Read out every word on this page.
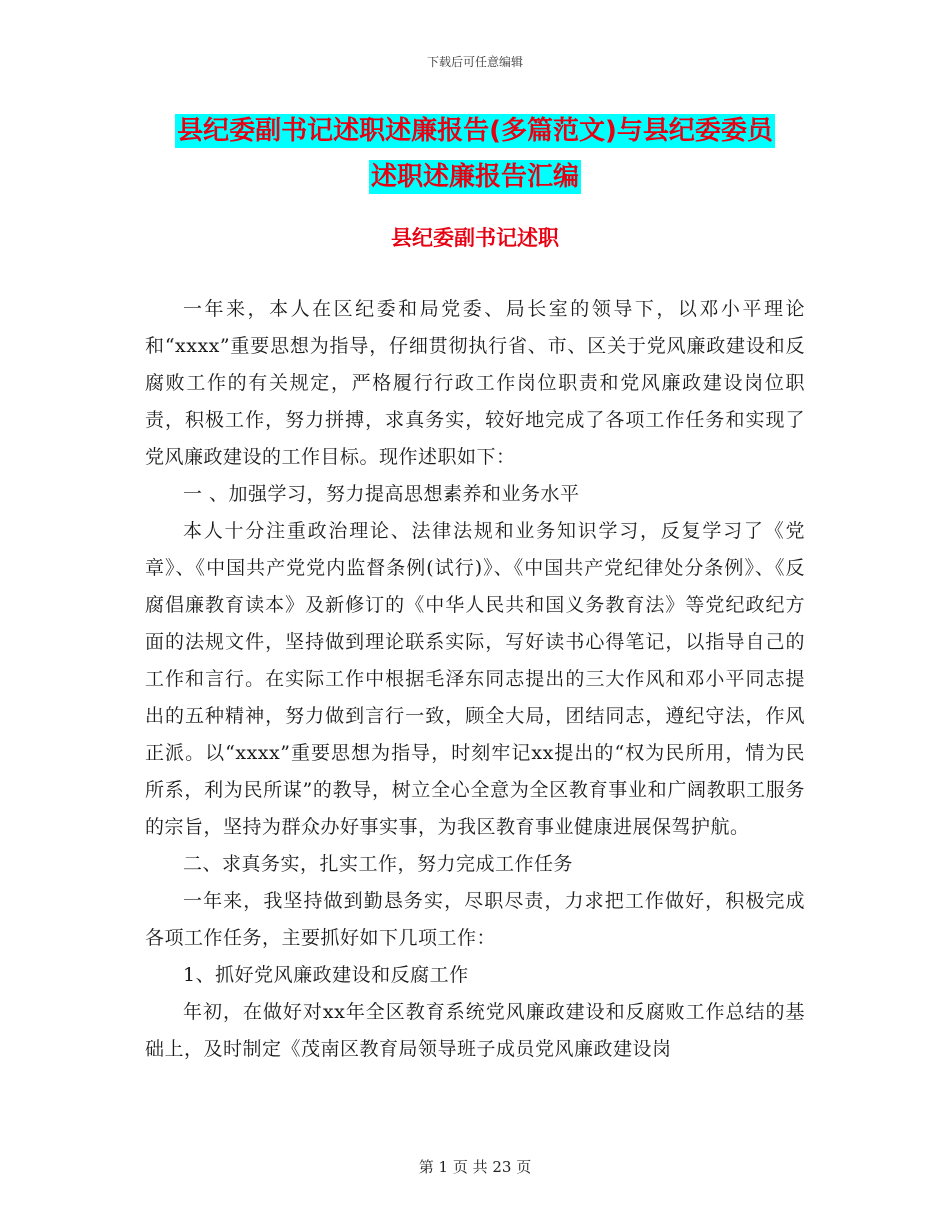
下载后可任意编辑
县纪委副书记述职述廉报告(多篇范文)与县纪委委员
述职述廉报告汇编
县纪委副书记述职

一年来，本人在区纪委和局党委、局长室的领导下，以邓小平理论和“xxxx”重要思想为指导，仔细贯彻执行省、市、区关于党风廉政建设和反腐败工作的有关规定，严格履行行政工作岗位职责和党风廉政建设岗位职责，积极工作，努力拼搏，求真务实，较好地完成了各项工作任务和实现了党风廉政建设的工作目标。现作述职如下：

一 、加强学习，努力提高思想素养和业务水平

本人十分注重政治理论、法律法规和业务知识学习，反复学习了《党章》、《中国共产党党内监督条例(试行)》、《中国共产党纪律处分条例》、《反腐倡廉教育读本》及新修订的《中华人民共和国义务教育法》等党纪政纪方面的法规文件，坚持做到理论联系实际，写好读书心得笔记，以指导自己的工作和言行。在实际工作中根据毛泽东同志提出的三大作风和邓小平同志提出的五种精神，努力做到言行一致，顾全大局，团结同志，遵纪守法，作风正派。以“xxxx”重要思想为指导，时刻牢记xx提出的“权为民所用，情为民所系，利为民所谋”的教导，树立全心全意为全区教育事业和广阔教职工服务的宗旨，坚持为群众办好事实事，为我区教育事业健康进展保驾护航。

二、求真务实，扎实工作，努力完成工作任务

一年来，我坚持做到勤恳务实，尽职尽责，力求把工作做好，积极完成各项工作任务，主要抓好如下几项工作：

1、抓好党风廉政建设和反腐工作

年初，在做好对xx年全区教育系统党风廉政建设和反腐败工作总结的基础上，及时制定《茂南区教育局领导班子成员党风廉政建设岗

第 1 页 共 23 页
